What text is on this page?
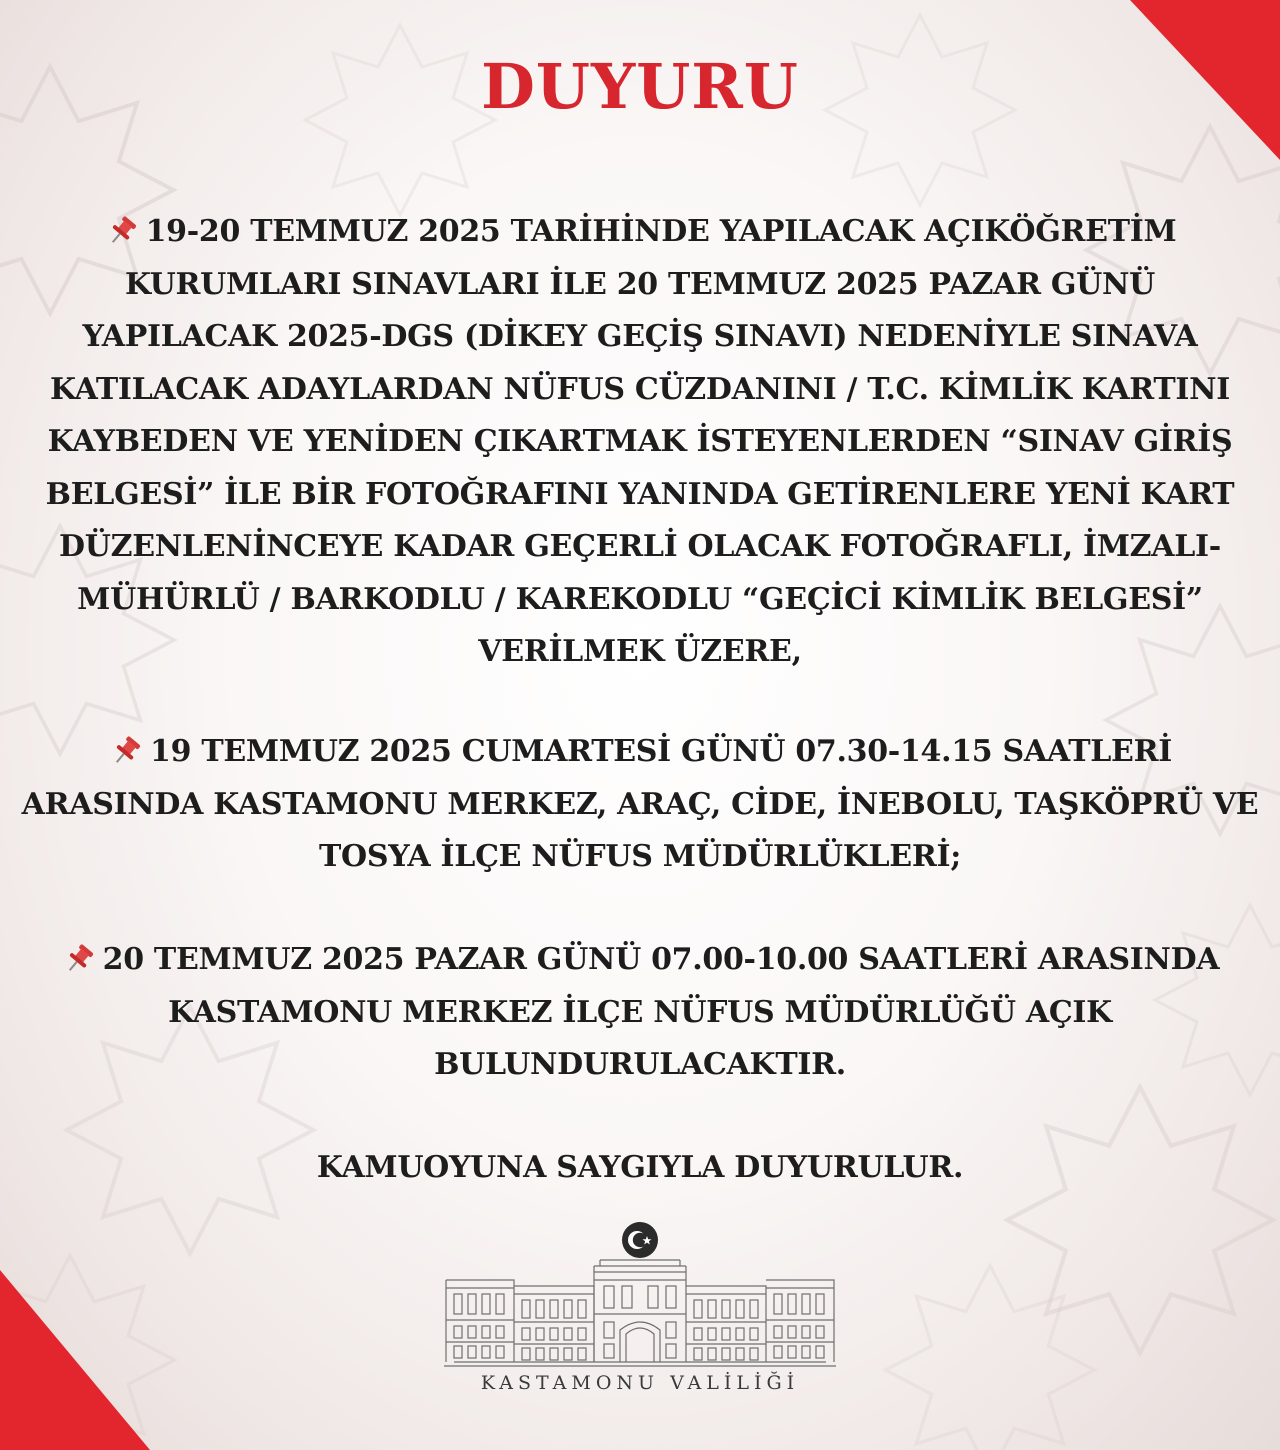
DUYURU
19-20 TEMMUZ 2025 TARİHİNDE YAPILACAK AÇIKÖĞRETİM
KURUMLARI SINAVLARI İLE 20 TEMMUZ 2025 PAZAR GÜNÜ
YAPILACAK 2025-DGS (DİKEY GEÇİŞ SINAVI) NEDENİYLE SINAVA
KATILACAK ADAYLARDAN NÜFUS CÜZDANINI / T.C. KİMLİK KARTINI
KAYBEDEN VE YENİDEN ÇIKARTMAK İSTEYENLERDEN “SINAV GİRİŞ
BELGESİ” İLE BİR FOTOĞRAFINI YANINDA GETİRENLERE YENİ KART
DÜZENLENİNCEYE KADAR GEÇERLİ OLACAK FOTOĞRAFLI, İMZALI-
MÜHÜRLÜ / BARKODLU / KAREKODLU “GEÇİCİ KİMLİK BELGESİ”
VERİLMEK ÜZERE,
19 TEMMUZ 2025 CUMARTESİ GÜNÜ 07.30-14.15 SAATLERİ
ARASINDA KASTAMONU MERKEZ, ARAÇ, CİDE, İNEBOLU, TAŞKÖPRÜ VE
TOSYA İLÇE NÜFUS MÜDÜRLÜKLERİ;
20 TEMMUZ 2025 PAZAR GÜNÜ 07.00-10.00 SAATLERİ ARASINDA
KASTAMONU MERKEZ İLÇE NÜFUS MÜDÜRLÜĞÜ AÇIK
BULUNDURULACAKTIR.
KAMUOYUNA SAYGIYLA DUYURULUR.
KASTAMONU VALİLİĞİ
